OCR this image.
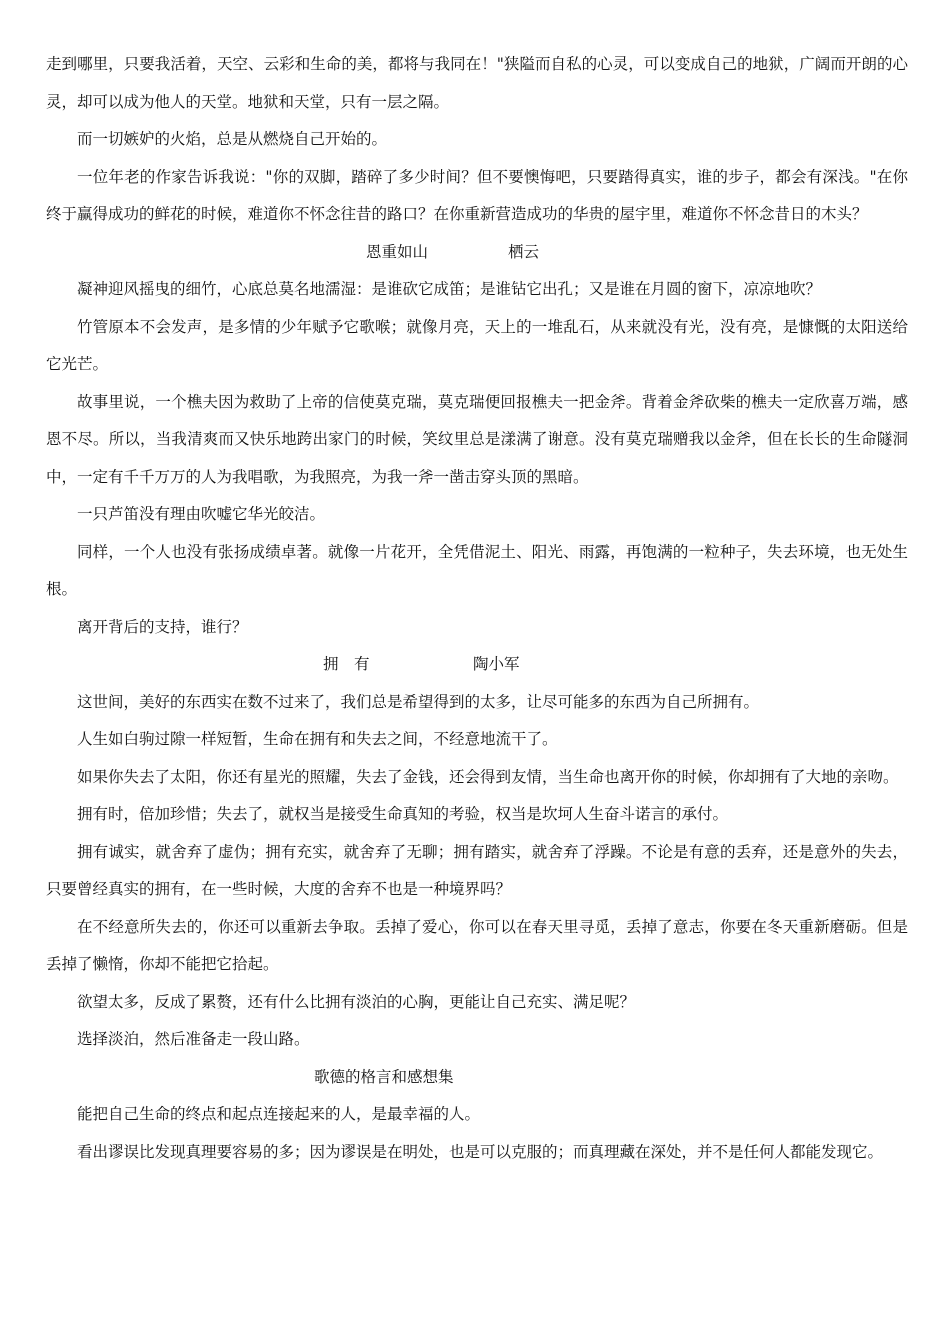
走到哪里，只要我活着，天空、云彩和生命的美，都将与我同在！"狭隘而自私的心灵，可以变成自己的地狱，广阔而开朗的心灵，却可以成为他人的天堂。地狱和天堂，只有一层之隔。

而一切嫉妒的火焰，总是从燃烧自己开始的。

一位年老的作家告诉我说："你的双脚，踏碎了多少时间？但不要懊悔吧，只要踏得真实，谁的步子，都会有深浅。"在你终于赢得成功的鲜花的时候，难道你不怀念往昔的路口？在你重新营造成功的华贵的屋宇里，难道你不怀念昔日的木头？

恩重如山

	栖云

凝神迎风摇曳的细竹，心底总莫名地濡湿：是谁砍它成笛；是谁钻它出孔；又是谁在月圆的窗下，凉凉地吹？

竹管原本不会发声，是多情的少年赋予它歌喉；就像月亮，天上的一堆乱石，从来就没有光，没有亮，是慷慨的太阳送给它光芒。

故事里说，一个樵夫因为救助了上帝的信使莫克瑞，莫克瑞便回报樵夫一把金斧。背着金斧砍柴的樵夫一定欣喜万端，感恩不尽。所以，当我清爽而又快乐地跨出家门的时候，笑纹里总是漾满了谢意。没有莫克瑞赠我以金斧，但在长长的生命隧洞中，一定有千千万万的人为我唱歌，为我照亮，为我一斧一凿击穿头顶的黑暗。

一只芦笛没有理由吹嘘它华光皎洁。

同样，一个人也没有张扬成绩卓著。就像一片花开，全凭借泥土、阳光、雨露，再饱满的一粒种子，失去环境，也无处生根。

离开背后的支持，谁行？

拥　有

	陶小军

这世间，美好的东西实在数不过来了，我们总是希望得到的太多，让尽可能多的东西为自己所拥有。

人生如白驹过隙一样短暂，生命在拥有和失去之间，不经意地流干了。

如果你失去了太阳，你还有星光的照耀，失去了金钱，还会得到友情，当生命也离开你的时候，你却拥有了大地的亲吻。

拥有时，倍加珍惜；失去了，就权当是接受生命真知的考验，权当是坎坷人生奋斗诺言的承付。

拥有诚实，就舍弃了虚伪；拥有充实，就舍弃了无聊；拥有踏实，就舍弃了浮躁。不论是有意的丢弃，还是意外的失去，只要曾经真实的拥有，在一些时候，大度的舍弃不也是一种境界吗？

在不经意所失去的，你还可以重新去争取。丢掉了爱心，你可以在春天里寻觅，丢掉了意志，你要在冬天重新磨砺。但是丢掉了懒惰，你却不能把它拾起。

欲望太多，反成了累赘，还有什么比拥有淡泊的心胸，更能让自己充实、满足呢？

选择淡泊，然后准备走一段山路。

歌德的格言和感想集

能把自己生命的终点和起点连接起来的人，是最幸福的人。

看出谬误比发现真理要容易的多；因为谬误是在明处，也是可以克服的；而真理藏在深处，并不是任何人都能发现它。
